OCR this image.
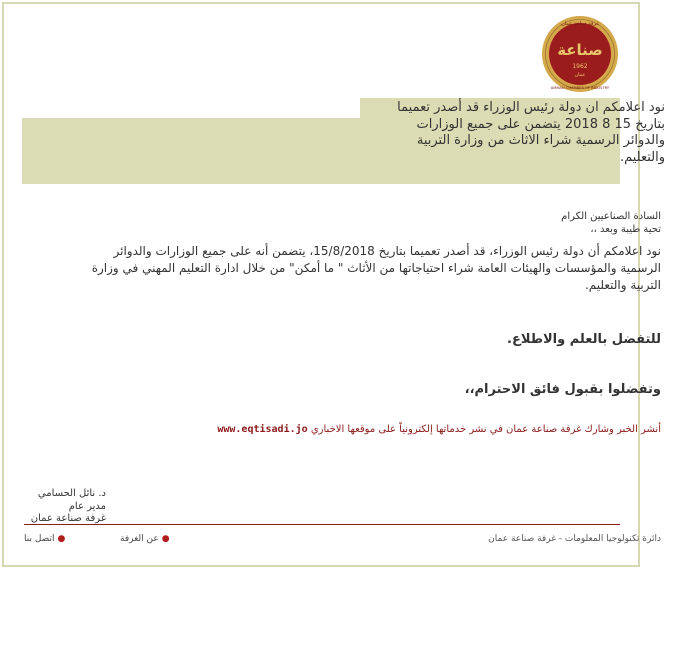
صناعة
1962
عمان
غرفة صناعة عمان
AMMAN CHAMBER OF INDUSTRY
نود اعلامكم ان دولة رئيس الوزراء قد أصدر تعميما بتاريخ 15 8 2018 يتضمن على جميع الوزارات والدوائر الرسمية شراء الاثاث من وزارة التربية والتعليم.
السادة الصناعيين الكرام
تحية طيبة وبعد ،،
نود اعلامكم أن دولة رئيس الوزراء، قد أصدر تعميما بتاريخ 15/8/2018، يتضمن أنه على جميع الوزارات والدوائر الرسمية والمؤسسات والهيئات العامة شراء احتياجاتها من الأثاث " ما أمكن" من خلال ادارة التعليم المهني في وزارة التربية والتعليم.
للتفضل بالعلم والاطلاع.
وتفضلوا بقبول فائق الاحترام،،
أنشر الخبر وشارك غرفة صناعة عمان في نشر خدماتها إلكترونياً على موقعها الاخباري www.eqtisadi.jo
د. نائل الحسامي
مدير عام
غرفة صناعة عمان
دائرة تكنولوجيا المعلومات - غرفة صناعة عمان
●عن الغرفة
●اتصل بنا
